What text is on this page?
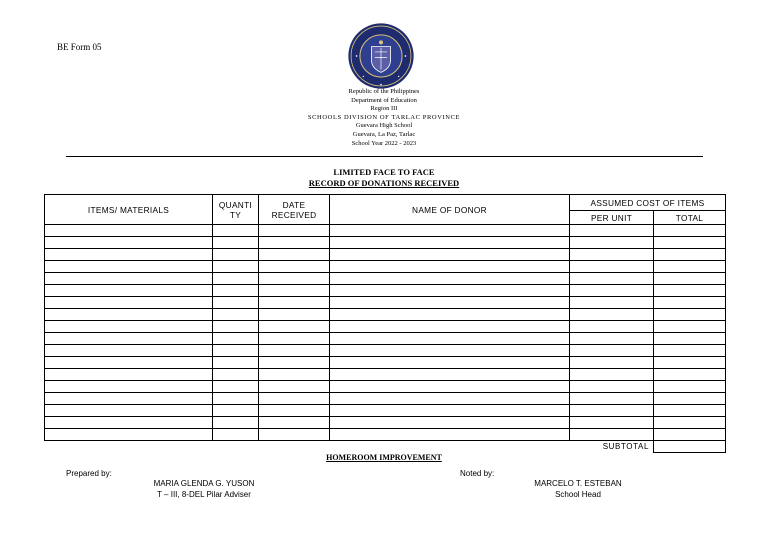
BE Form 05
Republic of the Philippines
Department of Education
Region III
SCHOOLS DIVISION OF TARLAC PROVINCE
Guevara High School
Guevara, La Paz, Tarlac
School Year 2022 - 2023
LIMITED FACE TO FACE
RECORD OF DONATIONS RECEIVED
ITEMS/ MATERIALS	QUANTI TY	DATE RECEIVED	NAME OF DONOR	ASSUMED COST OF ITEMS	
				PER UNIT	TOTAL

SUBTOTAL					
HOMEROOM IMPROVEMENT
Prepared by:
MARIA GLENDA G. YUSON
T – III, 8-DEL Pilar Adviser
Noted by:
MARCELO T. ESTEBAN
School Head
